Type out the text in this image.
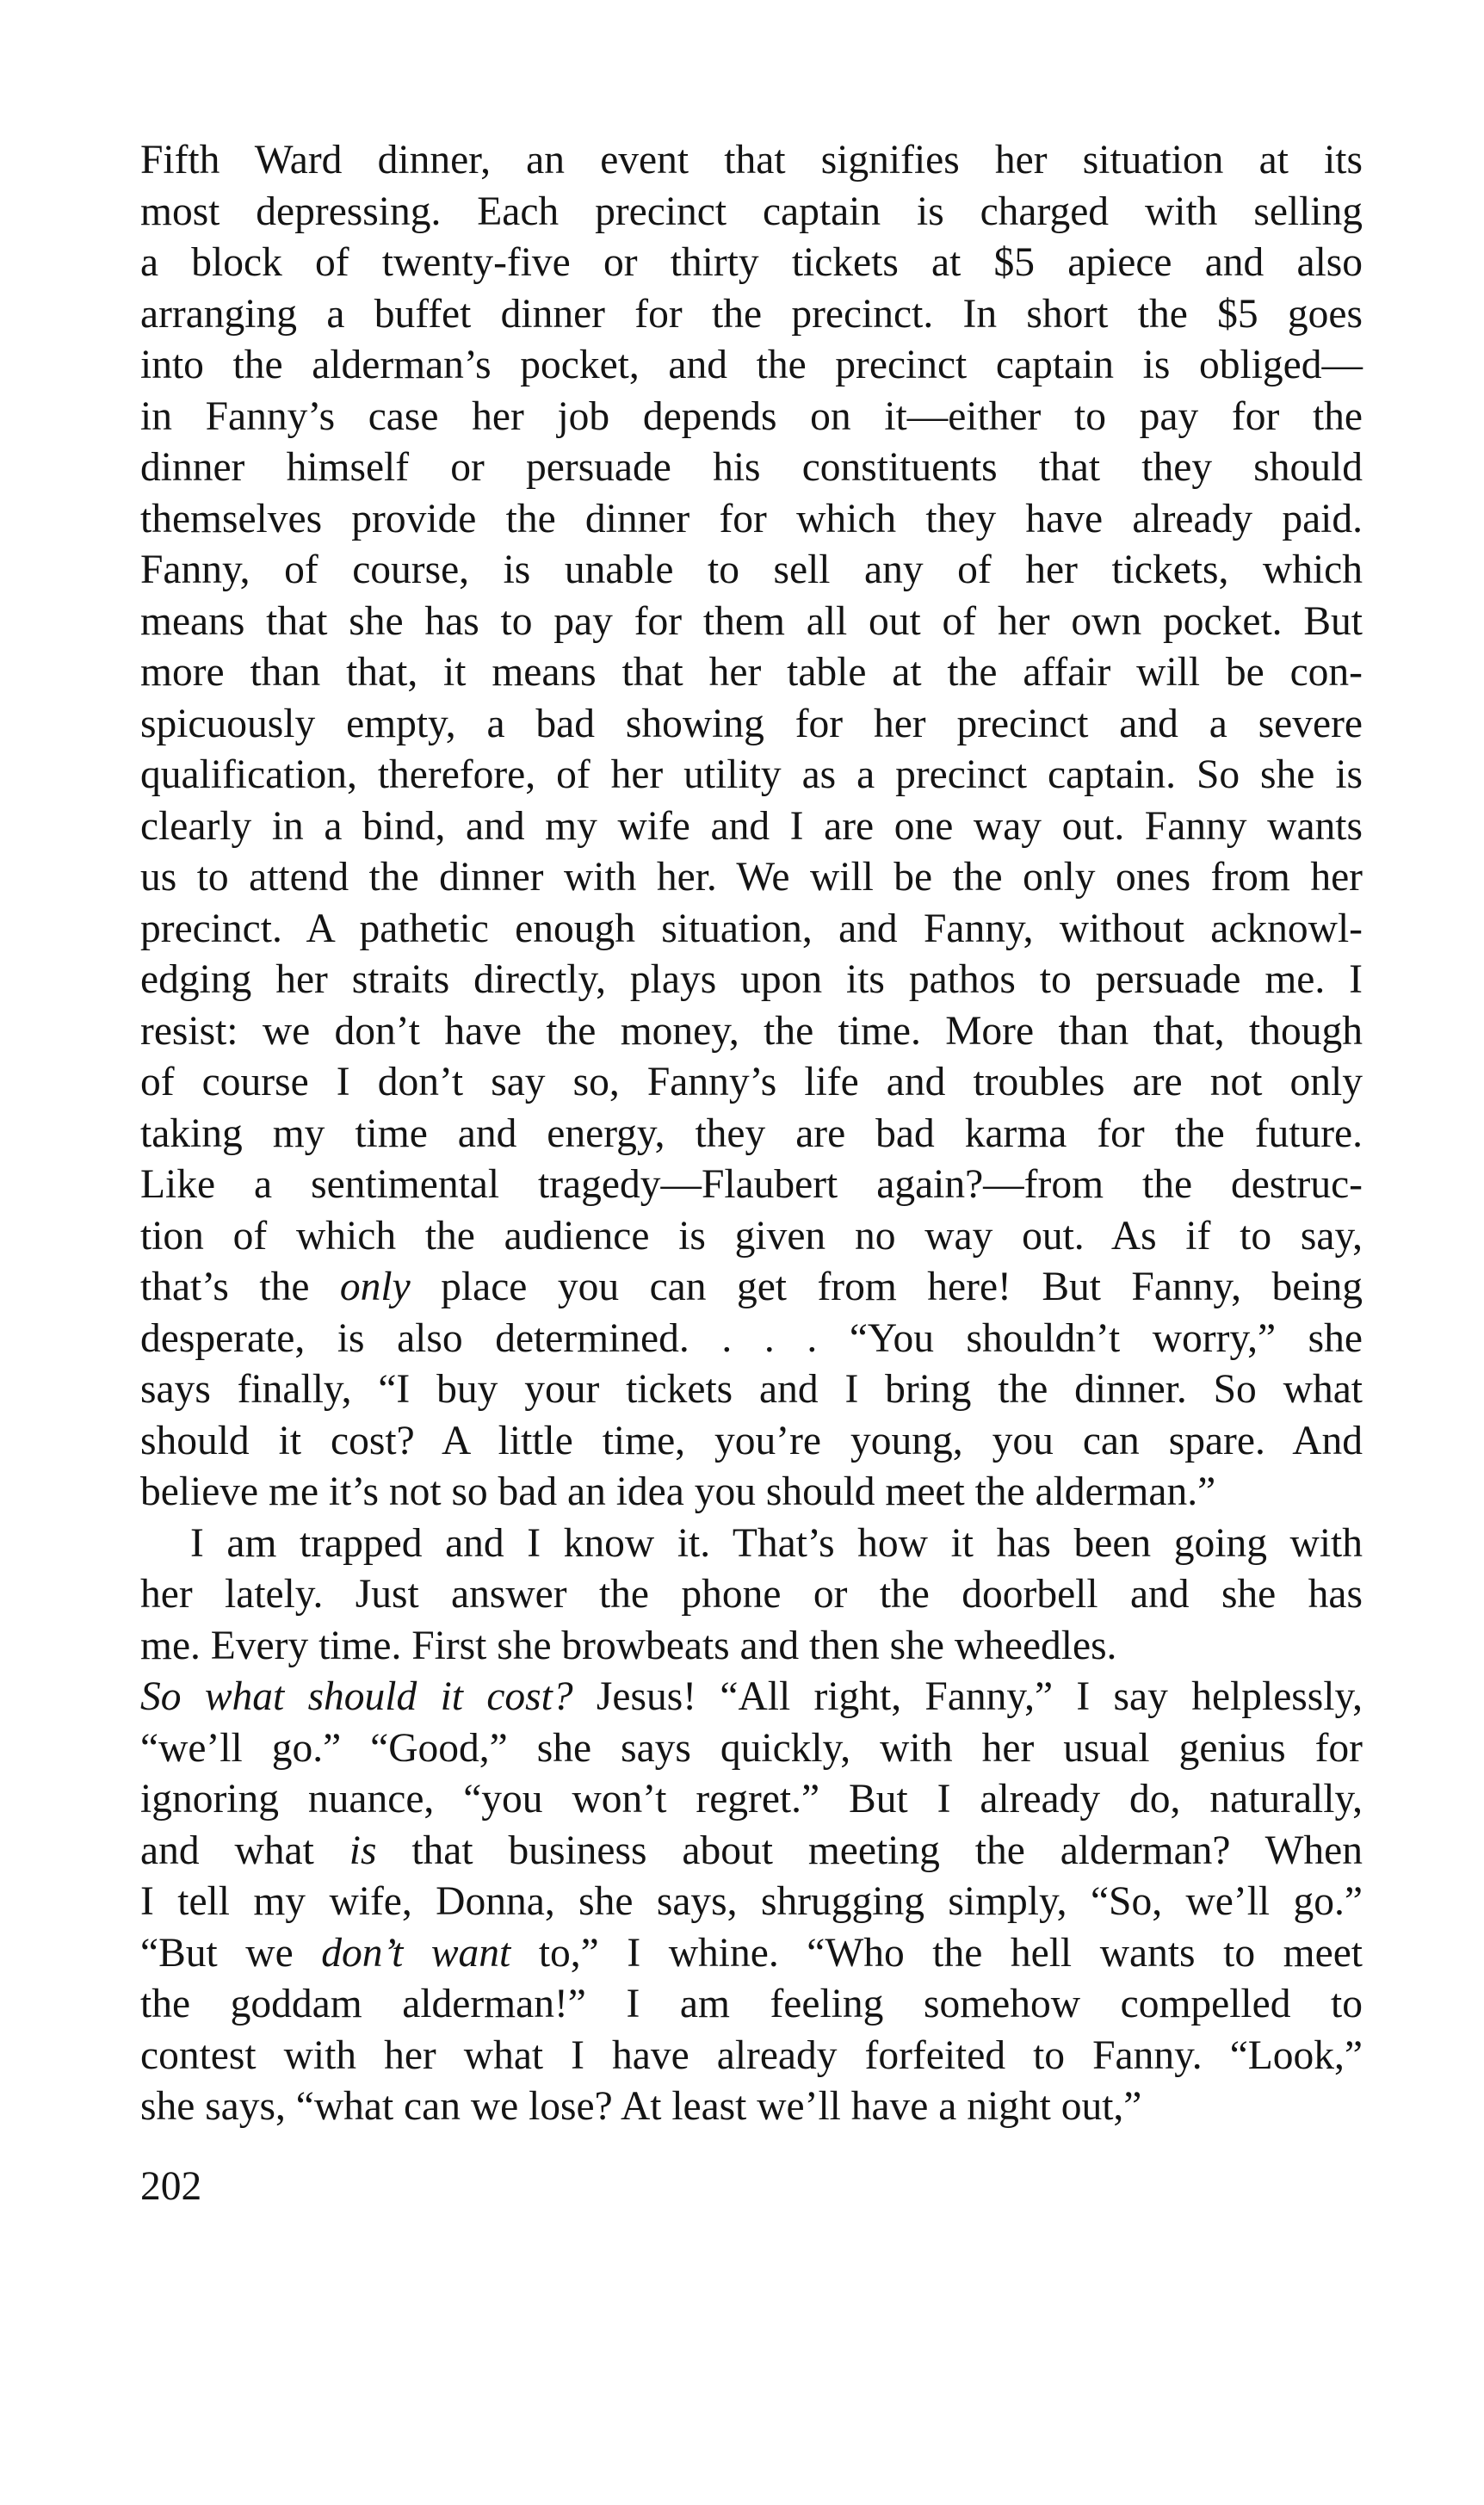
Fifth Ward dinner, an event that signifies her situation at its
most depressing. Each precinct captain is charged with selling
a block of twenty-five or thirty tickets at $5 apiece and also
arranging a buffet dinner for the precinct. In short the $5 goes
into the alderman’s pocket, and the precinct captain is obliged—
in Fanny’s case her job depends on it—either to pay for the
dinner himself or persuade his constituents that they should
themselves provide the dinner for which they have already paid.
Fanny, of course, is unable to sell any of her tickets, which
means that she has to pay for them all out of her own pocket. But
more than that, it means that her table at the affair will be con-
spicuously empty, a bad showing for her precinct and a severe
qualification, therefore, of her utility as a precinct captain. So she is
clearly in a bind, and my wife and I are one way out. Fanny wants
us to attend the dinner with her. We will be the only ones from her
precinct. A pathetic enough situation, and Fanny, without acknowl-
edging her straits directly, plays upon its pathos to persuade me. I
resist: we don’t have the money, the time. More than that, though
of course I don’t say so, Fanny’s life and troubles are not only
taking my time and energy, they are bad karma for the future.
Like a sentimental tragedy—Flaubert again?—from the destruc-
tion of which the audience is given no way out. As if to say,
that’s the only place you can get from here! But Fanny, being
desperate, is also determined. . . . “You shouldn’t worry,” she
says finally, “I buy your tickets and I bring the dinner. So what
should it cost? A little time, you’re young, you can spare. And
believe me it’s not so bad an idea you should meet the alderman.”
I am trapped and I know it. That’s how it has been going with
her lately. Just answer the phone or the doorbell and she has
me. Every time. First she browbeats and then she wheedles.
So what should it cost? Jesus! “All right, Fanny,” I say helplessly,
“we’ll go.” “Good,” she says quickly, with her usual genius for
ignoring nuance, “you won’t regret.” But I already do, naturally,
and what is that business about meeting the alderman? When
I tell my wife, Donna, she says, shrugging simply, “So, we’ll go.”
“But we don’t want to,” I whine. “Who the hell wants to meet
the goddam alderman!” I am feeling somehow compelled to
contest with her what I have already forfeited to Fanny. “Look,”
she says, “what can we lose? At least we’ll have a night out,”
202
